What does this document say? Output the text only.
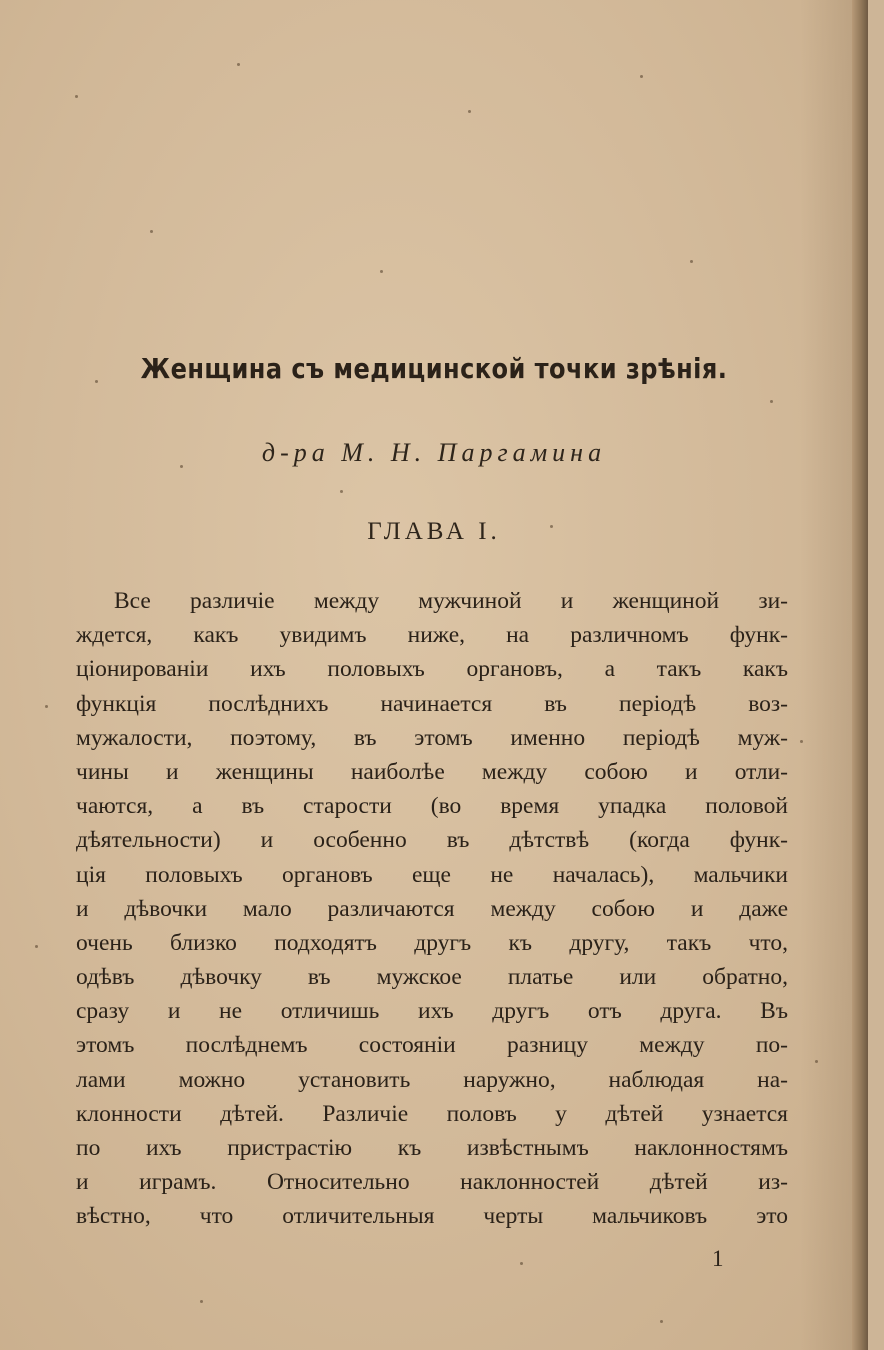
Женщина съ медицинской точки зрѣнія.
д-ра М. Н. Паргамина
ГЛАВА I.
Все различіе между мужчиной и женщиной зи-
ждется, какъ увидимъ ниже, на различномъ функ-
ціонированіи ихъ половыхъ органовъ, а такъ какъ
функція послѣднихъ начинается въ періодѣ воз-
мужалости, поэтому, въ этомъ именно періодѣ муж-
чины и женщины наиболѣе между собою и отли-
чаются, а въ старости (во время упадка половой
дѣятельности) и особенно въ дѣтствѣ (когда функ-
ція половыхъ органовъ еще не началась), мальчики
и дѣвочки мало различаются между собою и даже
очень близко подходятъ другъ къ другу, такъ что,
одѣвъ дѣвочку въ мужское платье или обратно,
сразу и не отличишь ихъ другъ отъ друга. Въ
этомъ послѣднемъ состояніи разницу между по-
лами можно установить наружно, наблюдая на-
клонности дѣтей. Различіе половъ у дѣтей узнается
по ихъ пристрастію къ извѣстнымъ наклонностямъ
и играмъ. Относительно наклонностей дѣтей из-
вѣстно, что отличительныя черты мальчиковъ это
1
